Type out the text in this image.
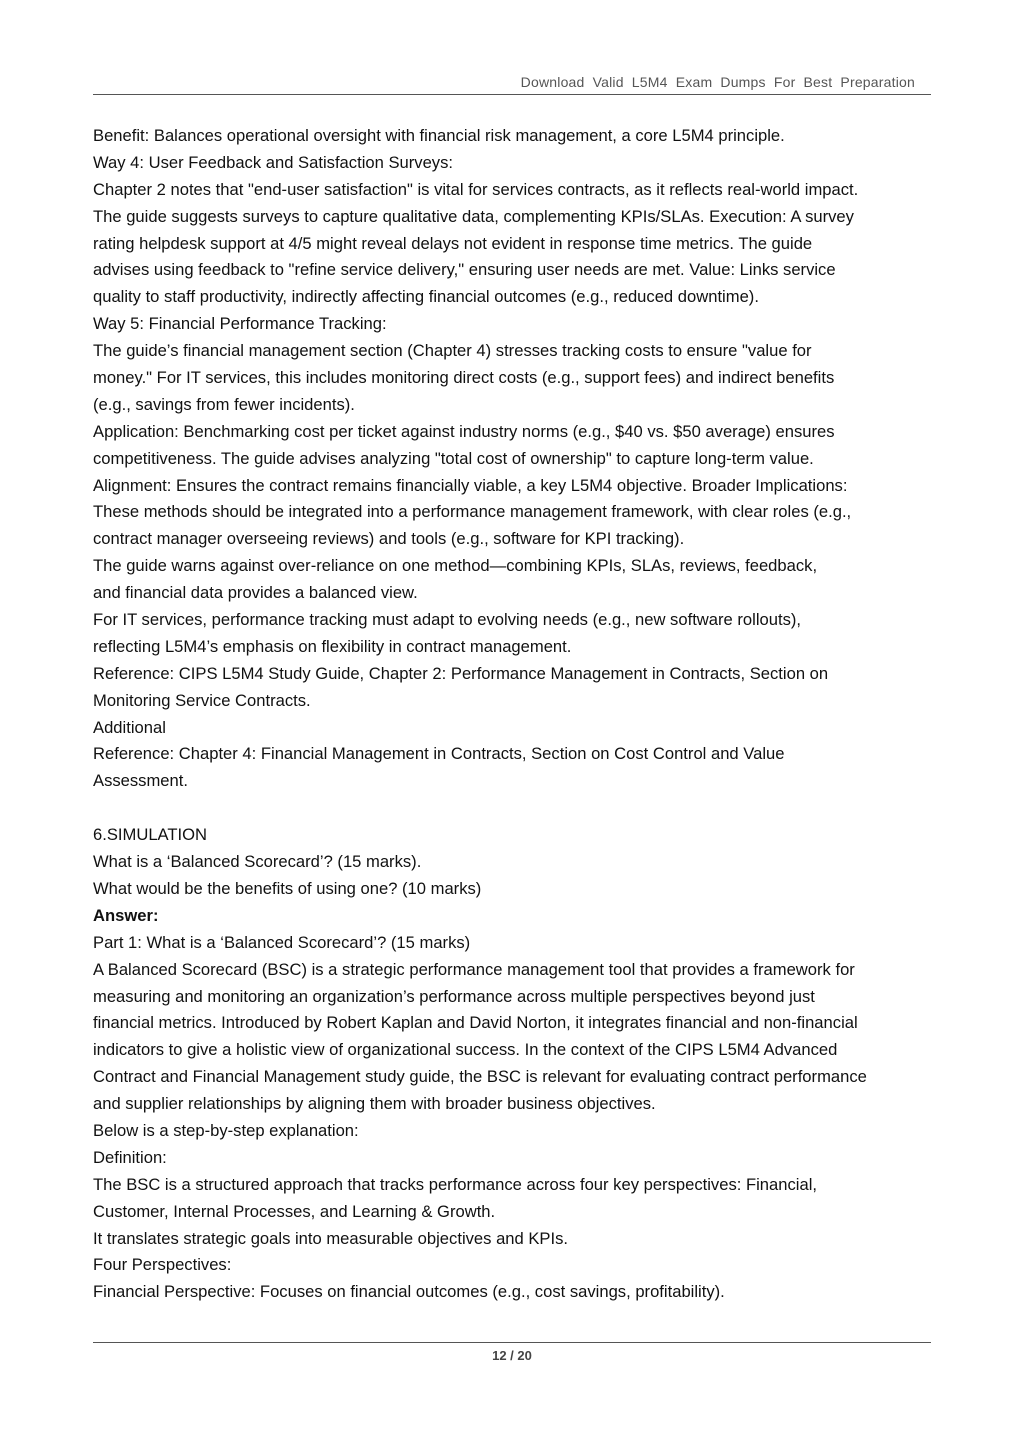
Download Valid L5M4 Exam Dumps For Best Preparation
Benefit: Balances operational oversight with financial risk management, a core L5M4 principle.
Way 4: User Feedback and Satisfaction Surveys:
Chapter 2 notes that "end-user satisfaction" is vital for services contracts, as it reflects real-world impact.
The guide suggests surveys to capture qualitative data, complementing KPIs/SLAs. Execution: A survey
rating helpdesk support at 4/5 might reveal delays not evident in response time metrics. The guide
advises using feedback to "refine service delivery," ensuring user needs are met. Value: Links service
quality to staff productivity, indirectly affecting financial outcomes (e.g., reduced downtime).
Way 5: Financial Performance Tracking:
The guide’s financial management section (Chapter 4) stresses tracking costs to ensure "value for
money." For IT services, this includes monitoring direct costs (e.g., support fees) and indirect benefits
(e.g., savings from fewer incidents).
Application: Benchmarking cost per ticket against industry norms (e.g., $40 vs. $50 average) ensures
competitiveness. The guide advises analyzing "total cost of ownership" to capture long-term value.
Alignment: Ensures the contract remains financially viable, a key L5M4 objective. Broader Implications:
These methods should be integrated into a performance management framework, with clear roles (e.g.,
contract manager overseeing reviews) and tools (e.g., software for KPI tracking).
The guide warns against over-reliance on one method—combining KPIs, SLAs, reviews, feedback,
and financial data provides a balanced view.
For IT services, performance tracking must adapt to evolving needs (e.g., new software rollouts),
reflecting L5M4’s emphasis on flexibility in contract management.
Reference: CIPS L5M4 Study Guide, Chapter 2: Performance Management in Contracts, Section on
Monitoring Service Contracts.
Additional
Reference: Chapter 4: Financial Management in Contracts, Section on Cost Control and Value
Assessment.
6.SIMULATION
What is a ‘Balanced Scorecard’? (15 marks).
What would be the benefits of using one? (10 marks)
Answer:
Part 1: What is a ‘Balanced Scorecard’? (15 marks)
A Balanced Scorecard (BSC) is a strategic performance management tool that provides a framework for
measuring and monitoring an organization’s performance across multiple perspectives beyond just
financial metrics. Introduced by Robert Kaplan and David Norton, it integrates financial and non-financial
indicators to give a holistic view of organizational success. In the context of the CIPS L5M4 Advanced
Contract and Financial Management study guide, the BSC is relevant for evaluating contract performance
and supplier relationships by aligning them with broader business objectives.
Below is a step-by-step explanation:
Definition:
The BSC is a structured approach that tracks performance across four key perspectives: Financial,
Customer, Internal Processes, and Learning & Growth.
It translates strategic goals into measurable objectives and KPIs.
Four Perspectives:
Financial Perspective: Focuses on financial outcomes (e.g., cost savings, profitability).
12 / 20
